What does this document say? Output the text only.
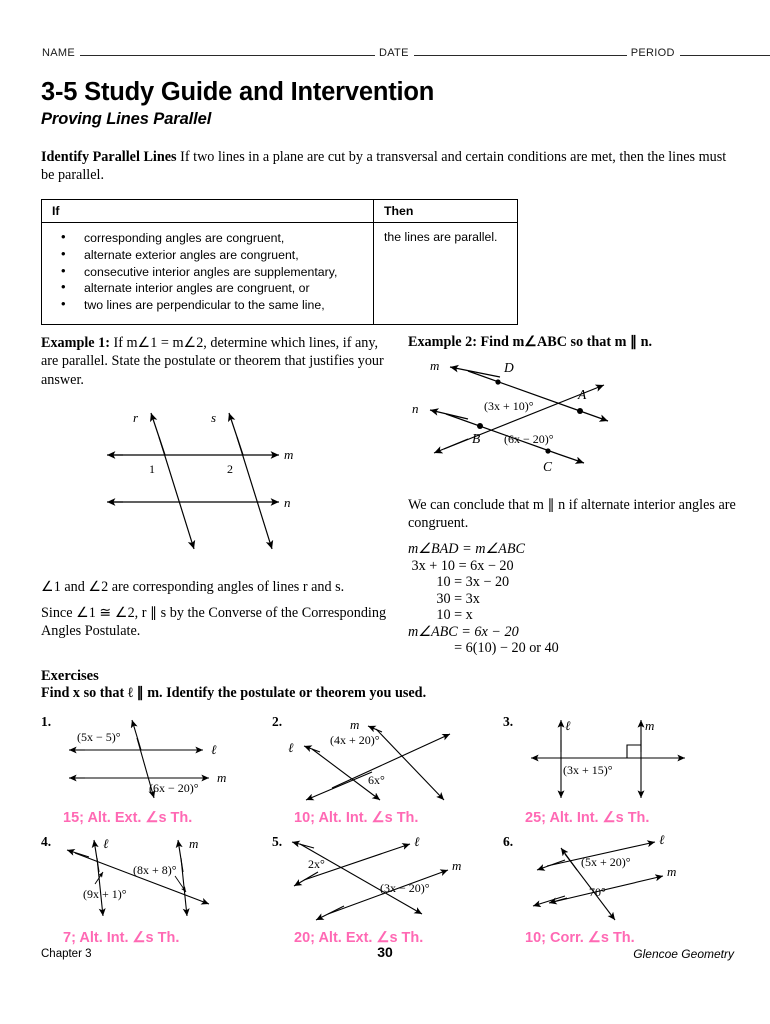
NAME	DATE	PERIOD
3-5 Study Guide and Intervention
Proving Lines Parallel
Identify Parallel Lines If two lines in a plane are cut by a transversal and certain conditions are met, then the lines must be parallel.
If	Then
• corresponding angles are congruent,
• alternate exterior angles are congruent,
• consecutive interior angles are supplementary,
• alternate interior angles are congruent, or
• two lines are perpendicular to the same line,
the lines are parallel.
Example 1: If m∠1 = m∠2, determine which lines, if any, are parallel. State the postulate or theorem that justifies your answer.
r	s
m
n
1	2

∠1 and ∠2 are corresponding angles of lines r and s.

Since ∠1 ≅ ∠2, r ∥ s by the Converse of the Corresponding Angles Postulate.

Example 2: Find m∠ABC so that m ∥ n.
D
A
B
C
m
n	(3x + 10)°
(6x − 20)°
We can conclude that m ∥ n if alternate interior angles are congruent.
m∠BAD = m∠ABC
3x + 10 = 6x − 20
10 = 3x − 20
30 = 3x
10 = x
m∠ABC = 6x − 20
= 6(10) − 20 or 40
Exercises
Find x so that ℓ ∥ m. Identify the postulate or theorem you used.
1.
(5x − 5)°
(6x − 20)°
ℓ
m
15; Alt. Ext. ∠s Th.
2.	m
ℓ	(4x + 20)°
6x°
10; Alt. Int. ∠s Th.
3.	ℓ	m
(3x + 15)°
25; Alt. Int. ∠s Th.
4.	ℓ	m
(8x + 8)°
(9x + 1)°
7; Alt. Int. ∠s Th.
5.	ℓ
m
2x°
(3x − 20)°
20; Alt. Ext. ∠s Th.
6.	ℓ
m
(5x + 20)°
70°
10; Corr. ∠s Th.
Chapter 3	30	Glencoe Geometry
